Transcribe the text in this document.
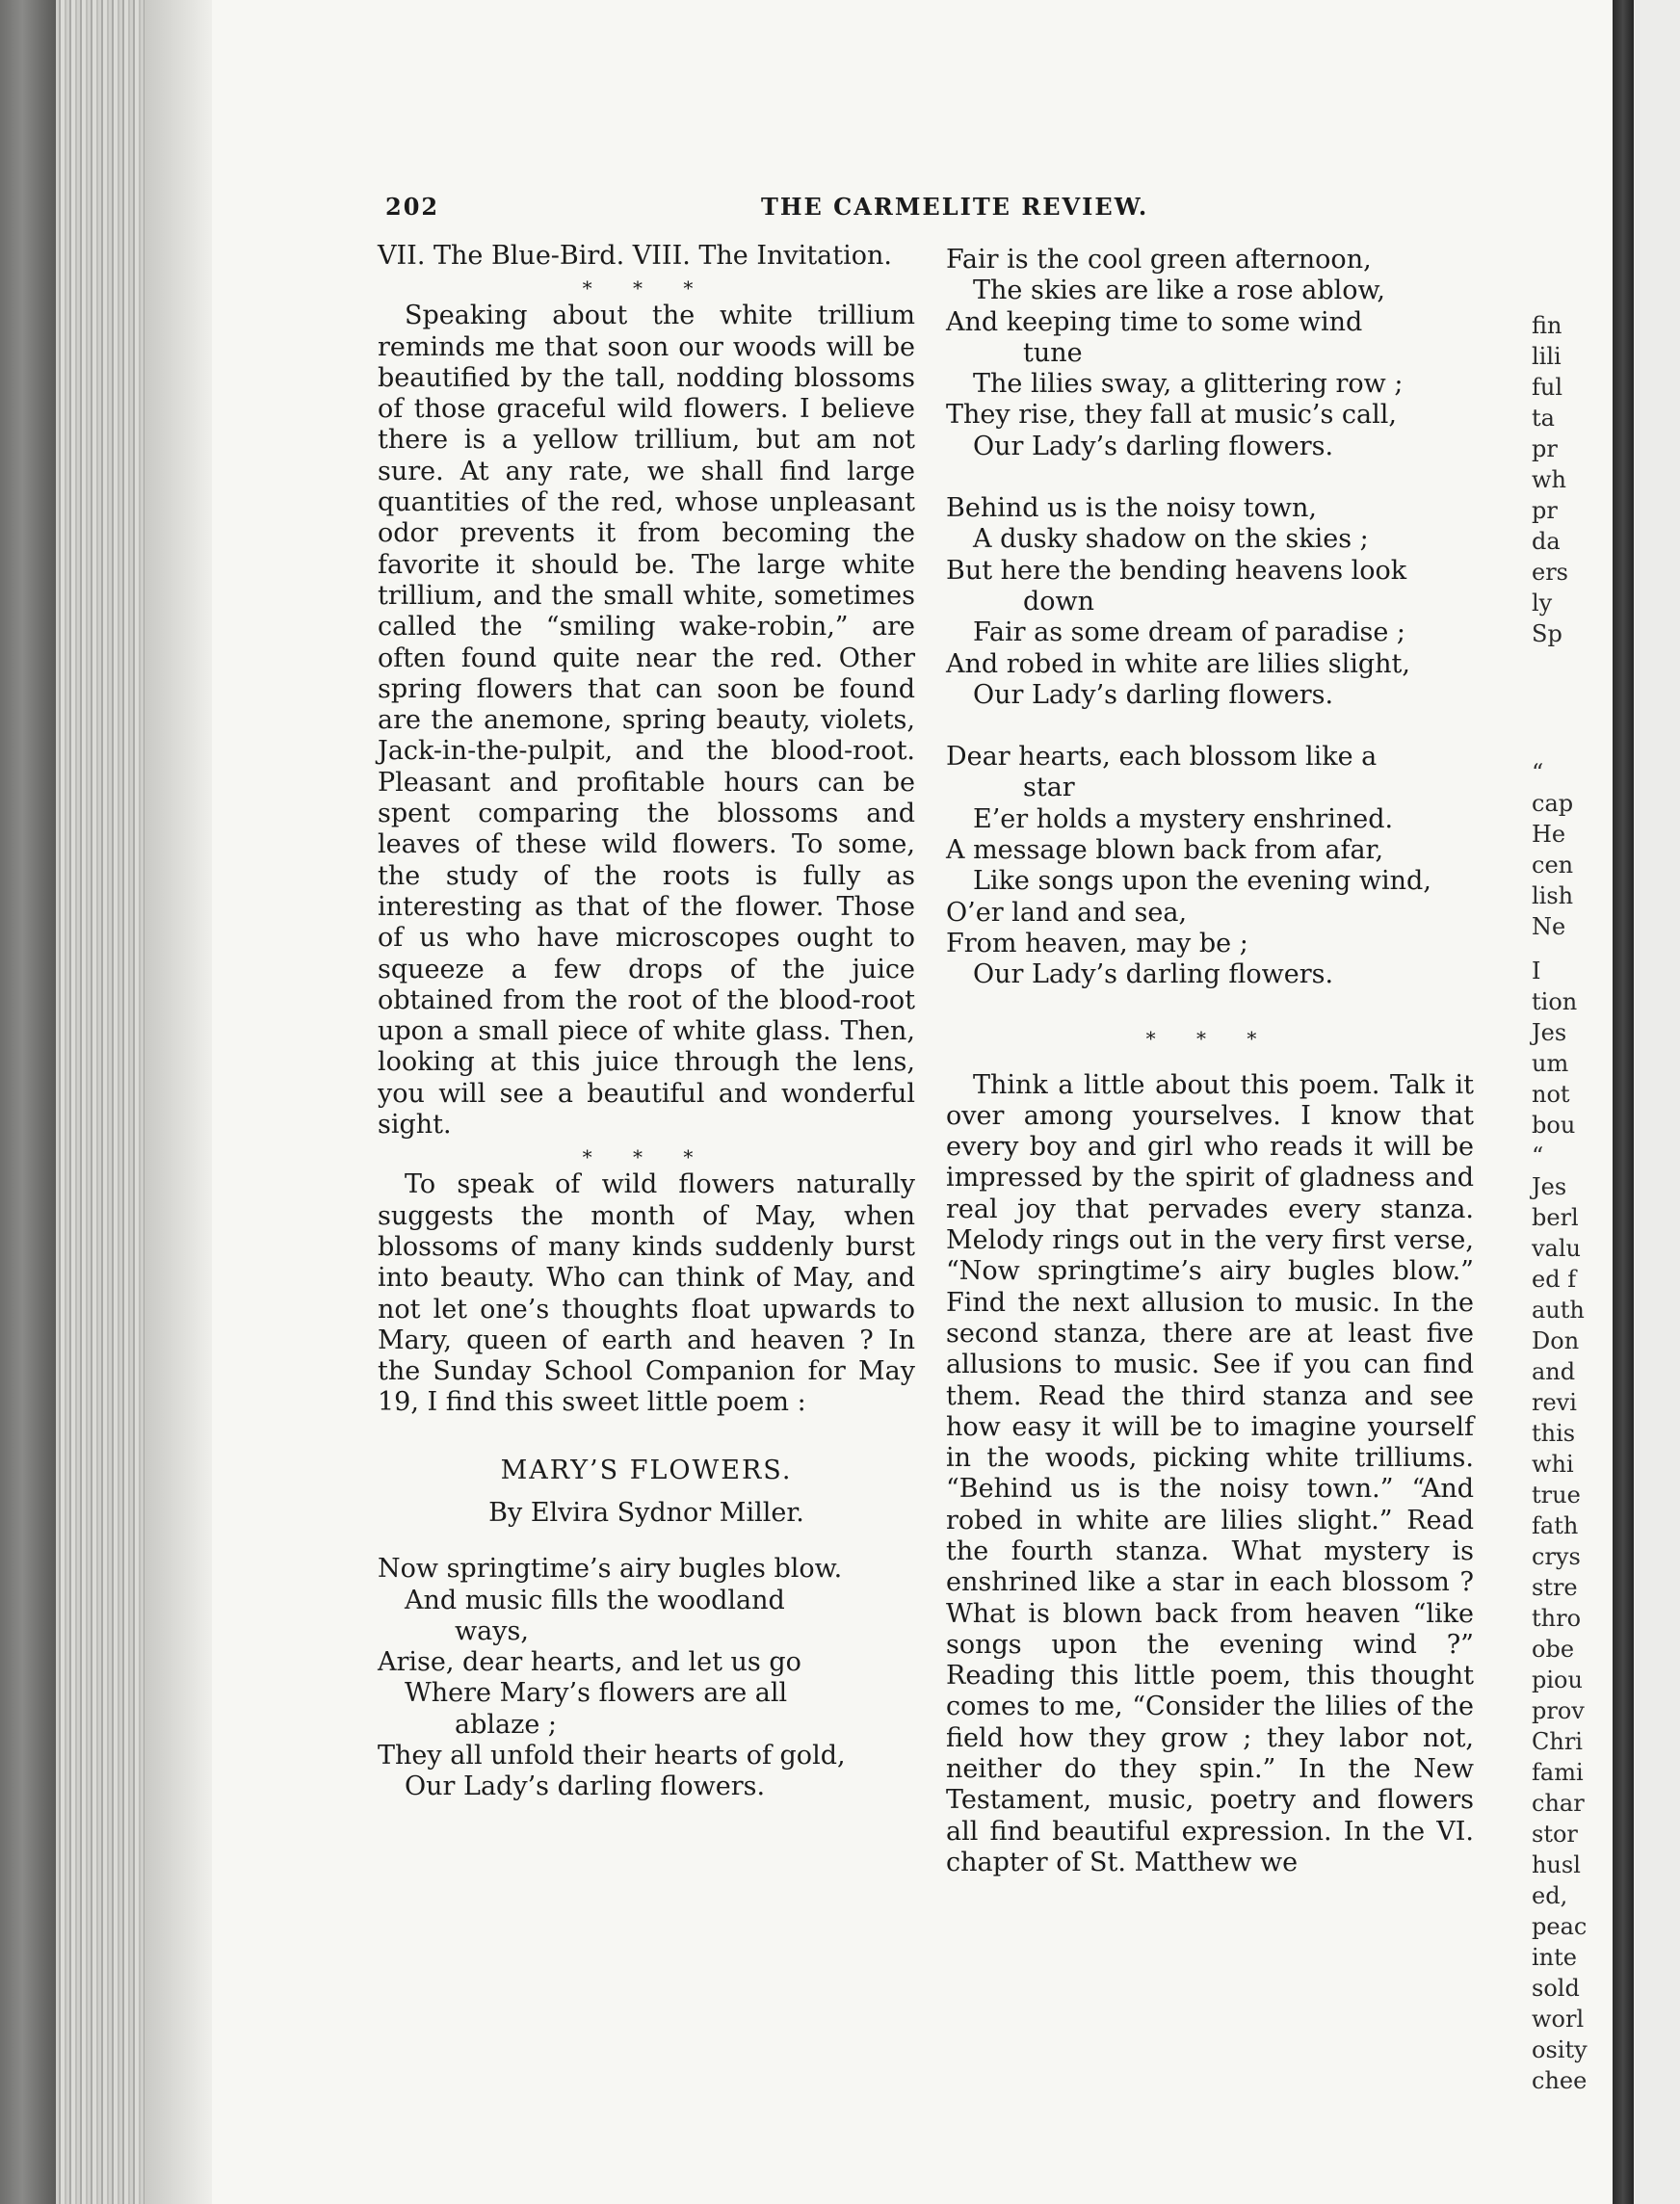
202	THE CARMELITE REVIEW.

VII. The Blue-Bird. VIII. The Invitation.

* * *

Speaking about the white trillium reminds me that soon our woods will be beautified by the tall, nodding blossoms of those graceful wild flowers. I believe there is a yellow trillium, but am not sure. At any rate, we shall find large quantities of the red, whose unpleasant odor prevents it from becoming the favorite it should be. The large white trillium, and the small white, sometimes called the “smiling wake-robin,” are often found quite near the red. Other spring flowers that can soon be found are the anemone, spring beauty, violets, Jack-in-the-pulpit, and the blood-root. Pleasant and profitable hours can be spent comparing the blossoms and leaves of these wild flowers. To some, the study of the roots is fully as interesting as that of the flower. Those of us who have microscopes ought to squeeze a few drops of the juice obtained from the root of the blood-root upon a small piece of white glass. Then, looking at this juice through the lens, you will see a beautiful and wonderful sight.

* * *

To speak of wild flowers naturally suggests the month of May, when blossoms of many kinds suddenly burst into beauty. Who can think of May, and not let one’s thoughts float upwards to Mary, queen of earth and heaven ? In the Sunday School Companion for May 19, I find this sweet little poem :

MARY’S FLOWERS.
By Elvira Sydnor Miller.
Now springtime’s airy bugles blow.
And music fills the woodland
ways,
Arise, dear hearts, and let us go
Where Mary’s flowers are all
ablaze ;
They all unfold their hearts of gold,
Our Lady’s darling flowers.
Fair is the cool green afternoon,
The skies are like a rose ablow,
And keeping time to some wind
tune
The lilies sway, a glittering row ;
They rise, they fall at music’s call,
Our Lady’s darling flowers.
Behind us is the noisy town,
A dusky shadow on the skies ;
But here the bending heavens look
down
Fair as some dream of paradise ;
And robed in white are lilies slight,
Our Lady’s darling flowers.
Dear hearts, each blossom like a
star
E’er holds a mystery enshrined.
A message blown back from afar,
Like songs upon the evening wind,
O’er land and sea,
From heaven, may be ;
Our Lady’s darling flowers.
* * *

Think a little about this poem. Talk it over among yourselves. I know that every boy and girl who reads it will be impressed by the spirit of gladness and real joy that pervades every stanza. Melody rings out in the very first verse, “Now springtime’s airy bugles blow.” Find the next allusion to music. In the second stanza, there are at least five allusions to music. See if you can find them. Read the third stanza and see how easy it will be to imagine yourself in the woods, picking white trilliums. “Behind us is the noisy town.” “And robed in white are lilies slight.” Read the fourth stanza. What mystery is enshrined like a star in each blossom ? What is blown back from heaven “like songs upon the evening wind ?” Reading this little poem, this thought comes to me, “Consider the lilies of the field how they grow ; they labor not, neither do they spin.” In the New Testament, music, poetry and flowers all find beautiful expression. In the VI. chapter of St. Matthew we

fin
lili
ful
ta
pr
wh
pr
da
ers
ly
Sp
“
cap
He
cen
lish
Ne
I
tion
Jes
um
not
bou
“
Jes
berl
valu
ed f
auth
Don
and
revi
this
whi
true
fath
crys
stre
thro
obe
piou
prov
Chri
fami
char
stor
husl
ed,
peac
inte
sold
worl
osity
chee
